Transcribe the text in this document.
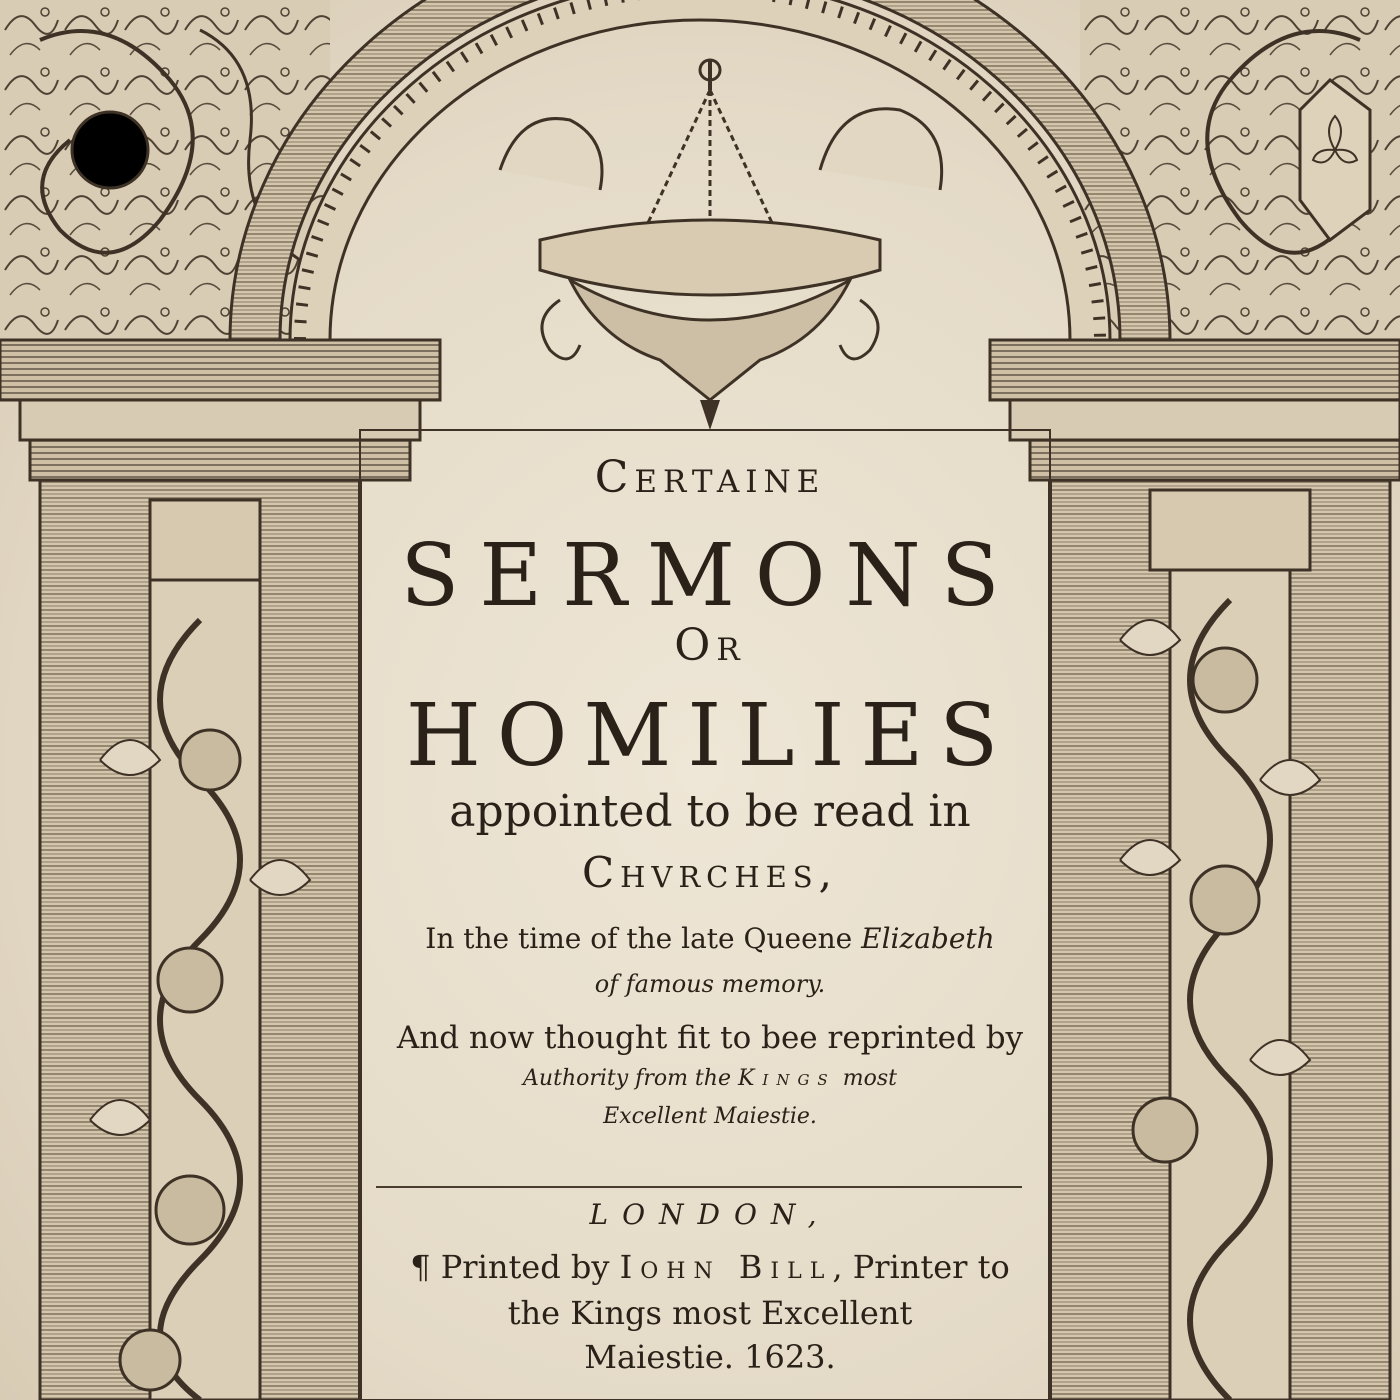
Certaine

SERMONS

Or

HOMILIES

appointed to be read in

Chvrches,

In the time of the late Queene Elizabeth

of famous memory.

And now thought fit to bee reprinted by

Authority from the Kings most

Excellent Maiestie.

LONDON,

¶ Printed by Iohn Bill, Printer to

the Kings most Excellent

Maiestie. 1623.
